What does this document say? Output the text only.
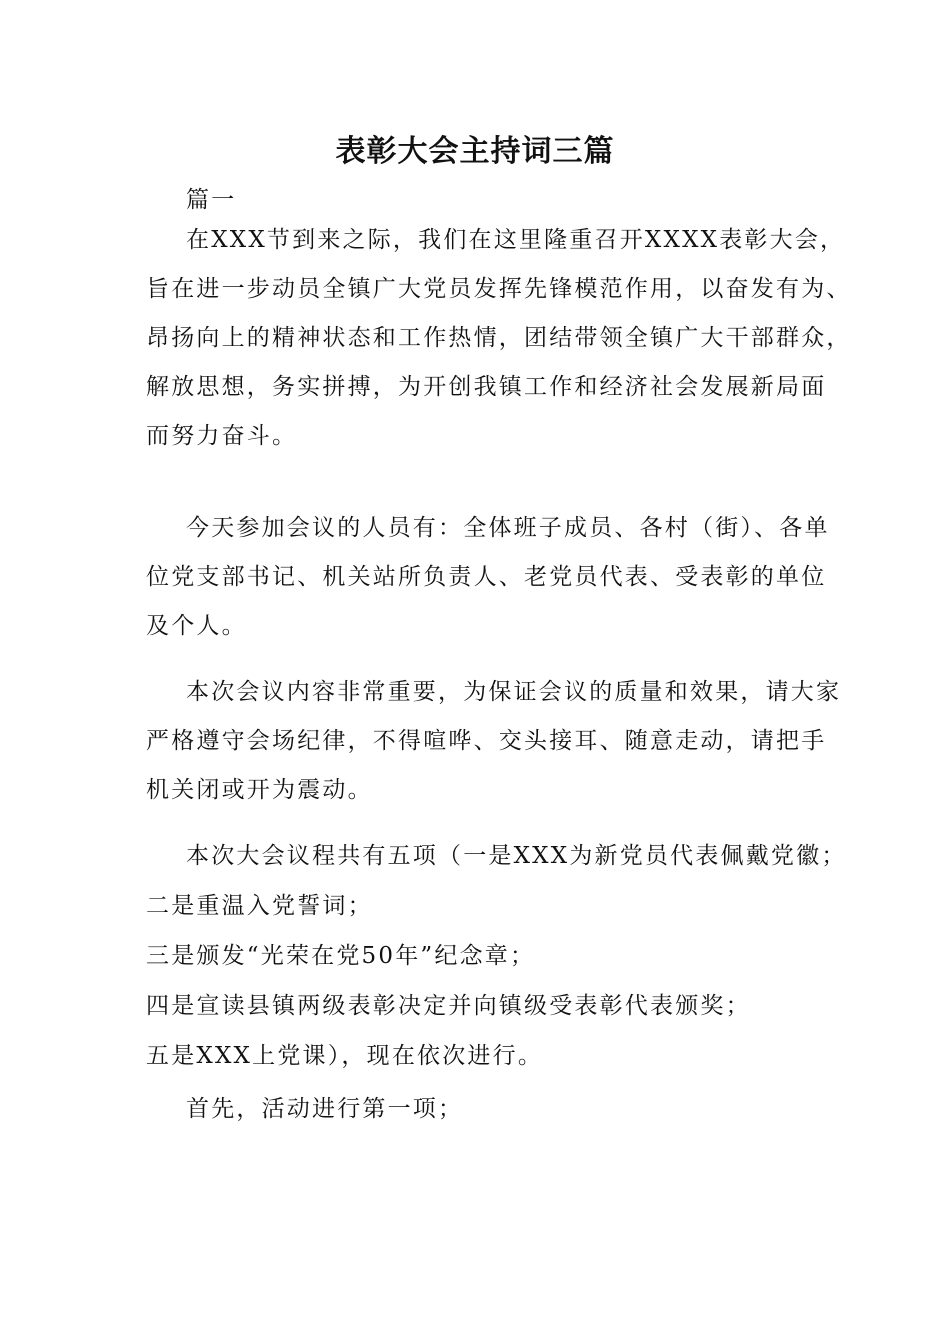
表彰大会主持词三篇
篇一
在XXX节到来之际，我们在这里隆重召开XXXX表彰大会，
旨在进一步动员全镇广大党员发挥先锋模范作用，以奋发有为、
昂扬向上的精神状态和工作热情，团结带领全镇广大干部群众，
解放思想，务实拼搏，为开创我镇工作和经济社会发展新局面
而努力奋斗。
今天参加会议的人员有：全体班子成员、各村（街）、各单
位党支部书记、机关站所负责人、老党员代表、受表彰的单位
及个人。
本次会议内容非常重要，为保证会议的质量和效果，请大家
严格遵守会场纪律，不得喧哗、交头接耳、随意走动，请把手
机关闭或开为震动。
本次大会议程共有五项（一是XXX为新党员代表佩戴党徽；
二是重温入党誓词；
三是颁发“光荣在党50年”纪念章；
四是宣读县镇两级表彰决定并向镇级受表彰代表颁奖；
五是XXX上党课），现在依次进行。
首先，活动进行第一项；
